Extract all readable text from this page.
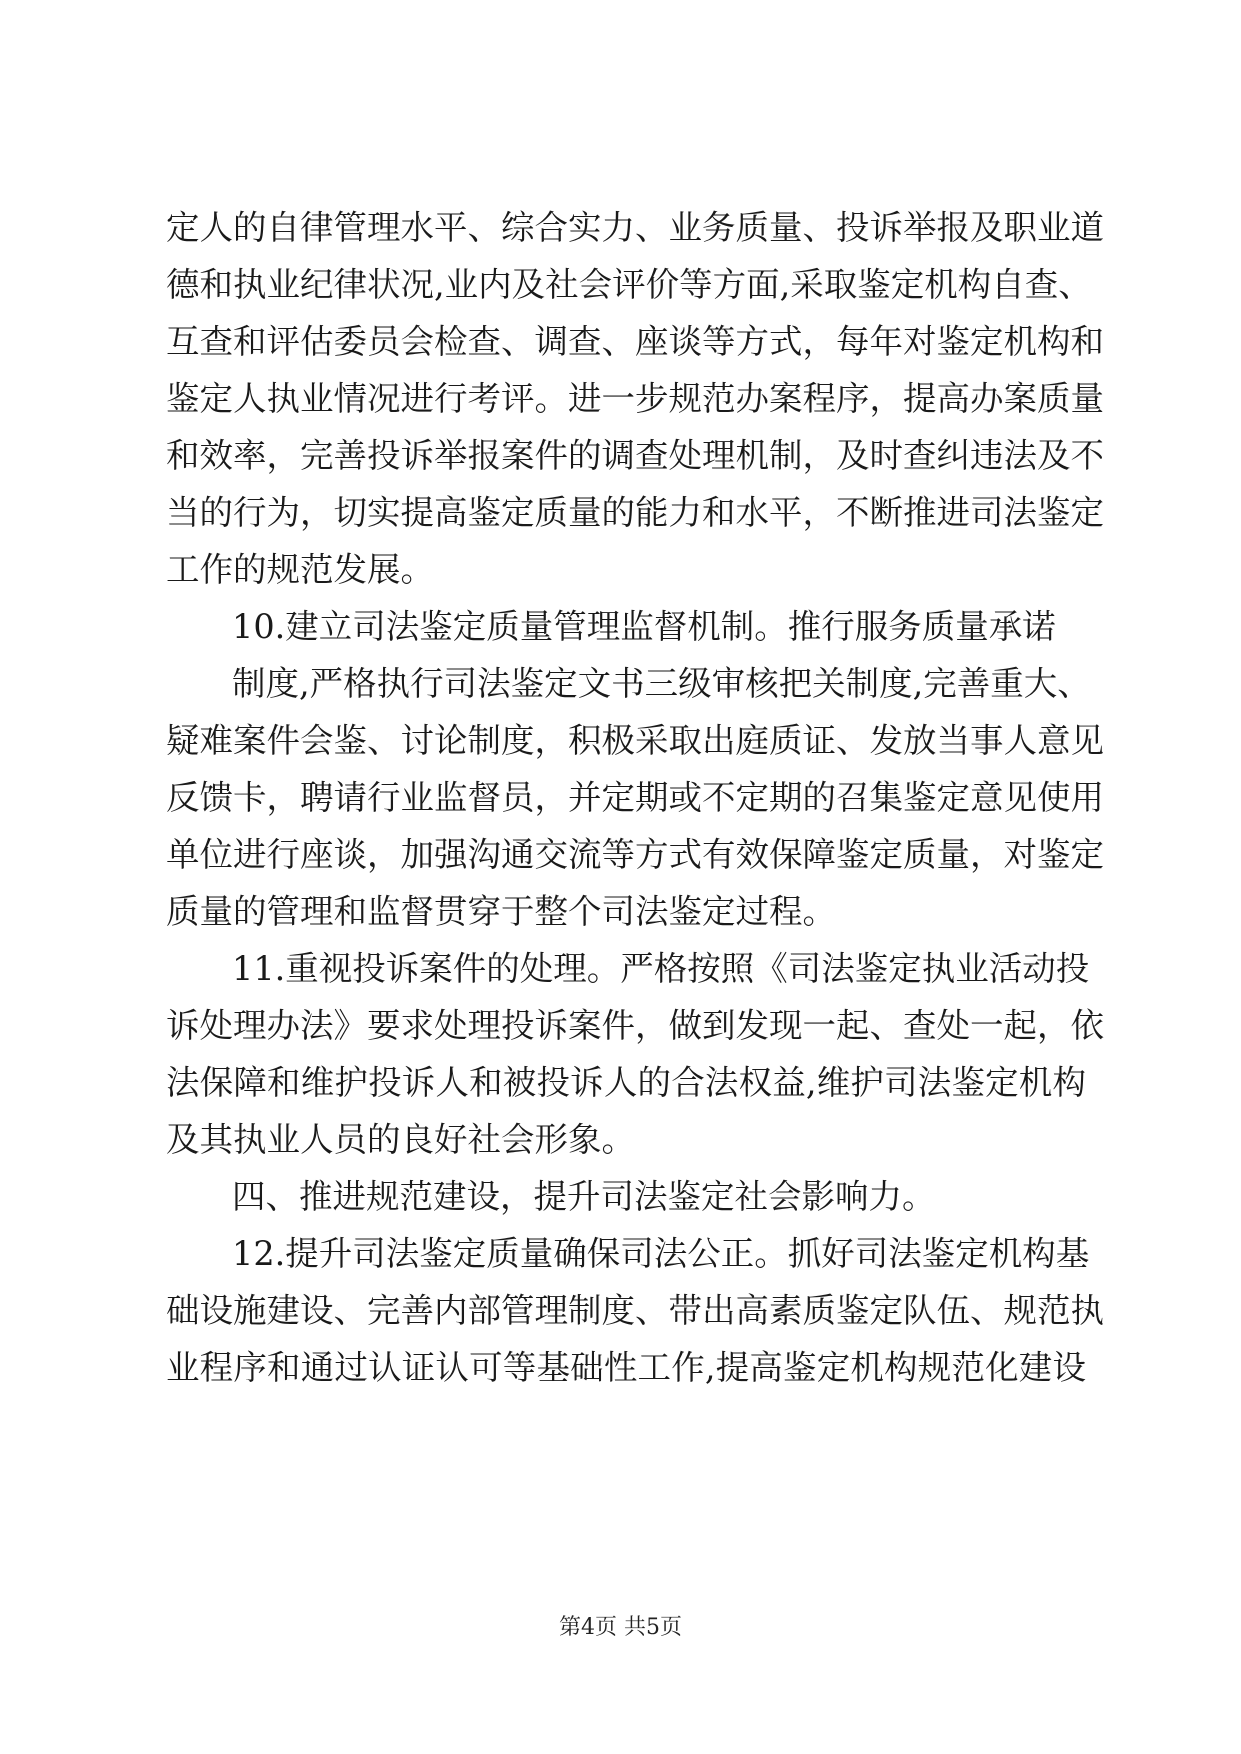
定人的自律管理水平、综合实力、业务质量、投诉举报及职业道
德和执业纪律状况,业内及社会评价等方面,采取鉴定机构自查、
互查和评估委员会检查、调查、座谈等方式，每年对鉴定机构和
鉴定人执业情况进行考评。进一步规范办案程序，提高办案质量
和效率，完善投诉举报案件的调查处理机制，及时查纠违法及不
当的行为，切实提高鉴定质量的能力和水平，不断推进司法鉴定
工作的规范发展。
10.建立司法鉴定质量管理监督机制。推行服务质量承诺
制度,严格执行司法鉴定文书三级审核把关制度,完善重大、
疑难案件会鉴、讨论制度，积极采取出庭质证、发放当事人意见
反馈卡，聘请行业监督员，并定期或不定期的召集鉴定意见使用
单位进行座谈，加强沟通交流等方式有效保障鉴定质量，对鉴定
质量的管理和监督贯穿于整个司法鉴定过程。
11.重视投诉案件的处理。严格按照《司法鉴定执业活动投
诉处理办法》要求处理投诉案件，做到发现一起、查处一起，依
法保障和维护投诉人和被投诉人的合法权益,维护司法鉴定机构
及其执业人员的良好社会形象。
四、推进规范建设，提升司法鉴定社会影响力。
12.提升司法鉴定质量确保司法公正。抓好司法鉴定机构基
础设施建设、完善内部管理制度、带出高素质鉴定队伍、规范执
业程序和通过认证认可等基础性工作,提高鉴定机构规范化建设
第4页 共5页
